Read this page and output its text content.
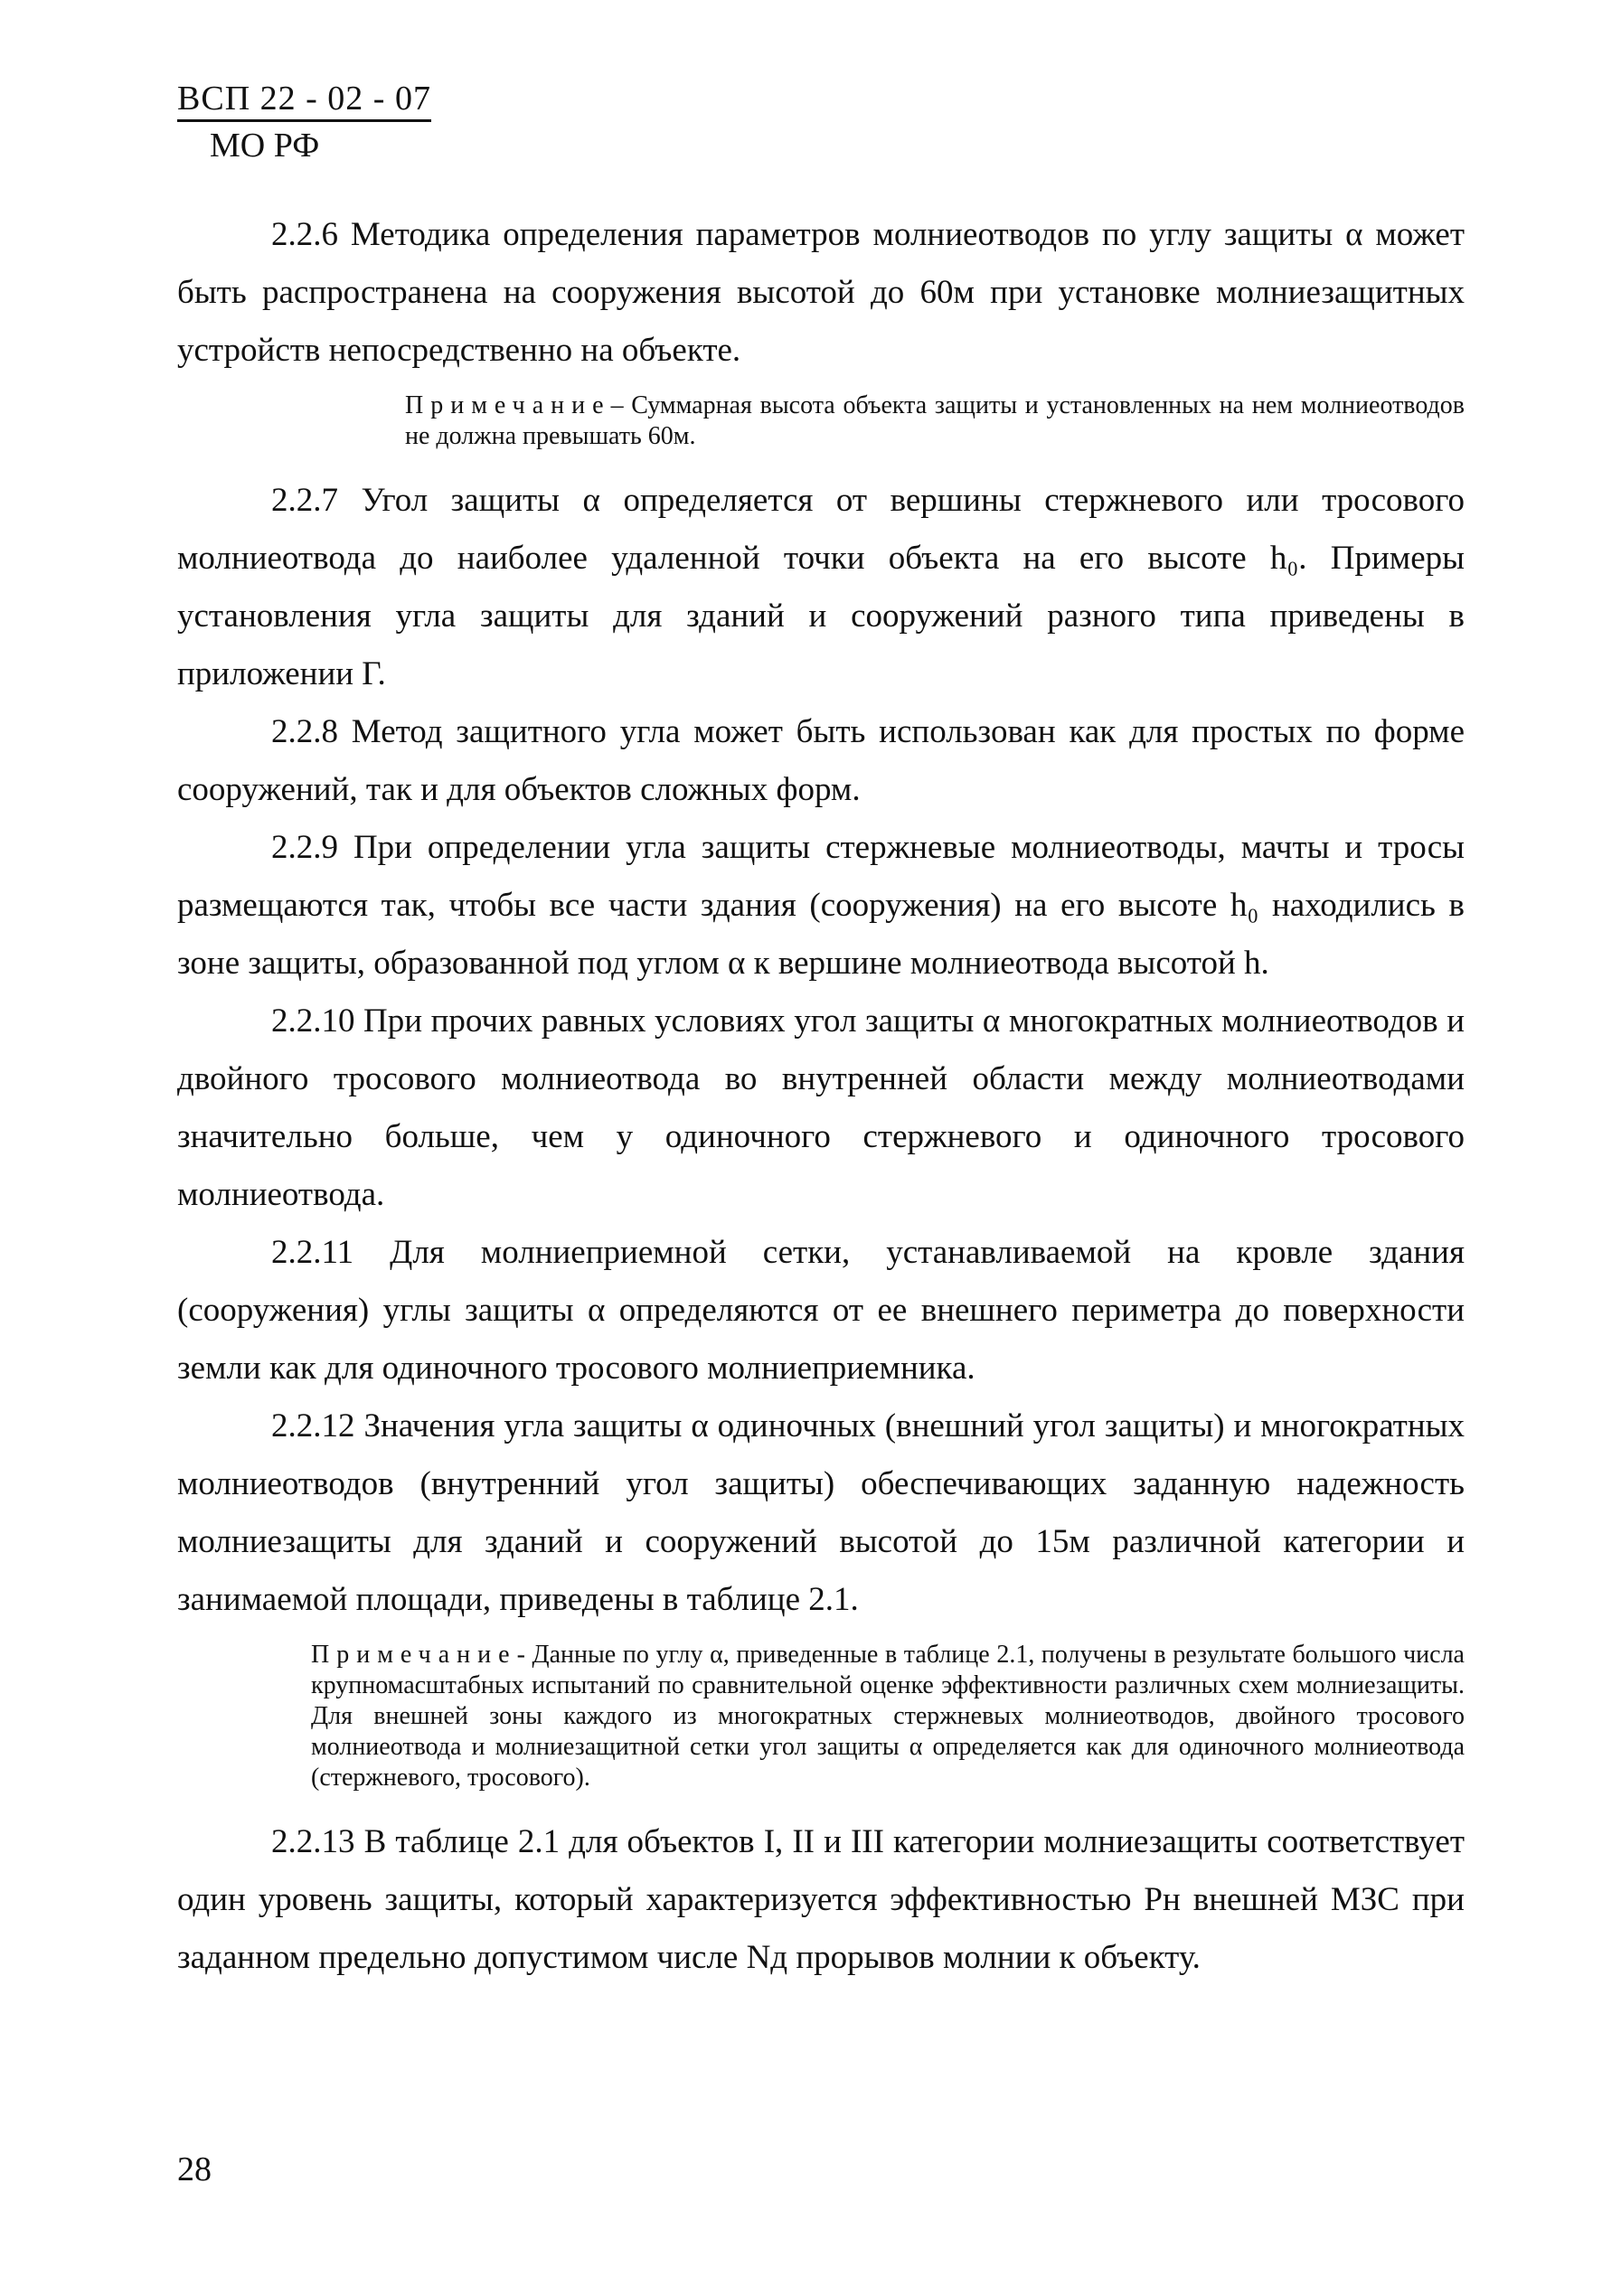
ВСП 22 - 02 - 07
МО РФ

2.2.6 Методика определения параметров молниеотводов по углу защиты α может быть распространена на сооружения высотой до 60м при установке молниезащитных устройств непосредственно на объекте.

Примечание– Суммарная высота объекта защиты и установленных на нем молниеотводов не должна превышать 60м.

2.2.7 Угол защиты α определяется от вершины стержневого или тросового молниеотвода до наиболее удаленной точки объекта на его высоте h₀. Примеры установления угла защиты для зданий и сооружений разного типа приведены в приложении Г.

2.2.8 Метод защитного угла может быть использован как для простых по форме сооружений, так и для объектов сложных форм.

2.2.9 При определении угла защиты стержневые молниеотводы, мачты и тросы размещаются так, чтобы все части здания (сооружения) на его высоте h₀ находились в зоне защиты, образованной под углом α к вершине молниеотвода высотой h.

2.2.10 При прочих равных условиях угол защиты α многократных молниеотводов и двойного тросового молниеотвода во внутренней области между молниеотводами значительно больше, чем у одиночного стержневого и одиночного тросового молниеотвода.

2.2.11 Для молниеприемной сетки, устанавливаемой на кровле здания (сооружения) углы защиты α определяются от ее внешнего периметра до поверхности земли как для одиночного тросового молниеприемника.

2.2.12 Значения угла защиты α одиночных (внешний угол защиты) и многократных молниеотводов (внутренний угол защиты) обеспечивающих заданную надежность молниезащиты для зданий и сооружений высотой до 15м различной категории и занимаемой площади, приведены в таблице 2.1.

Примечание- Данные по углу α, приведенные в таблице 2.1, получены в результате большого числа крупномасштабных испытаний по сравнительной оценке эффективности различных схем молниезащиты. Для внешней зоны каждого из многократных стержневых молниеотводов, двойного тросового молниеотвода и молниезащитной сетки угол защиты α определяется как для одиночного молниеотвода (стержневого, тросового).

2.2.13 В таблице 2.1 для объектов I, II и III категории молниезащиты соответствует один уровень защиты, который характеризуется эффективностью Pн внешней МЗС при заданном предельно допустимом числе Nд прорывов молнии к объекту.

28
